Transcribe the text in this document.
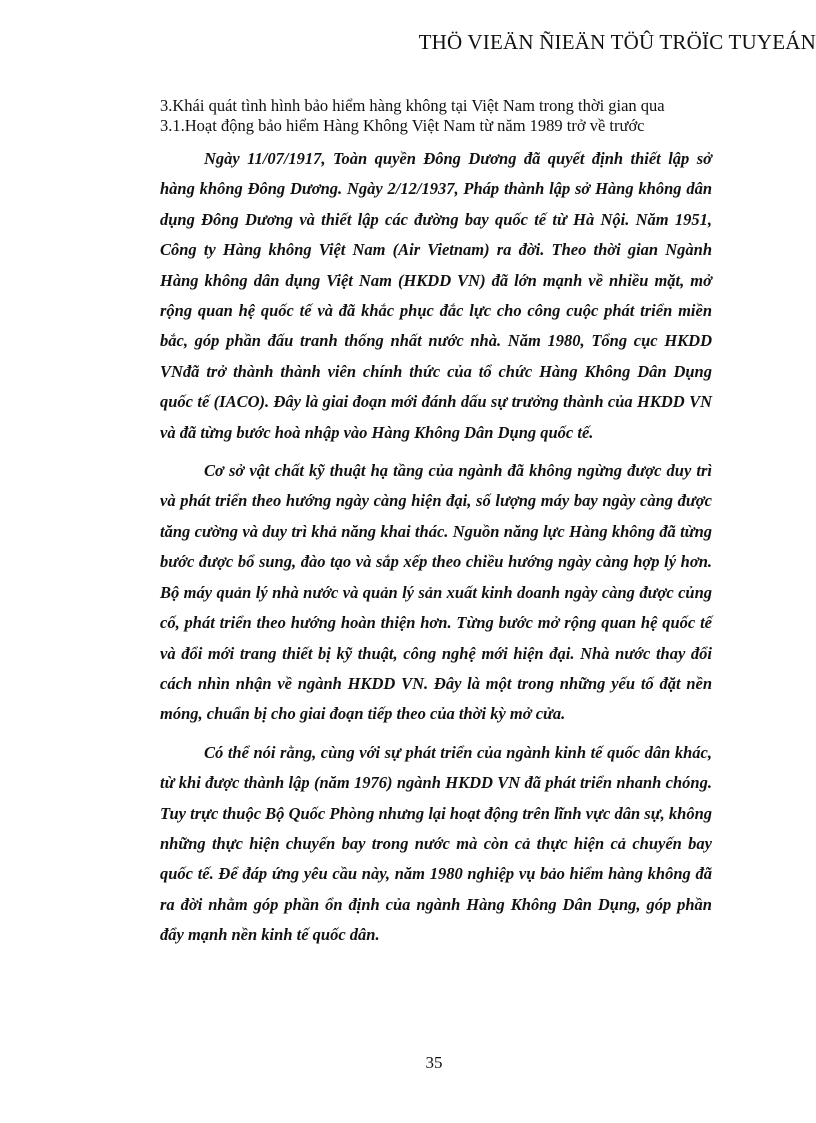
THÖ VIEÄN ÑIEÄN TÖÛ TRÖÏC TUYEÁN
3.Khái quát tình hình bảo hiểm hàng không tại Việt Nam trong thời gian qua
3.1.Hoạt động bảo hiểm Hàng Không Việt Nam từ năm 1989 trở về trước

Ngày 11/07/1917, Toàn quyền Đông Dương đã quyết định thiết lập sở hàng không Đông Dương. Ngày 2/12/1937, Pháp thành lập sở Hàng không dân dụng Đông Dương và thiết lập các đường bay quốc tế từ Hà Nội. Năm 1951, Công ty Hàng không Việt Nam (Air Vietnam) ra đời. Theo thời gian Ngành Hàng không dân dụng Việt Nam (HKDD VN) đã lớn mạnh về nhiều mặt, mở rộng quan hệ quốc tế và đã khắc phục đắc lực cho công cuộc phát triển miền bắc, góp phần đấu tranh thống nhất nước nhà. Năm 1980, Tổng cục HKDD VNđã trở thành thành viên chính thức của tổ chức Hàng Không Dân Dụng quốc tế (IACO). Đây là giai đoạn mới đánh dấu sự trưởng thành của HKDD VN và đã từng bước hoà nhập vào Hàng Không Dân Dụng quốc tế.

Cơ sở vật chất kỹ thuật hạ tầng của ngành đã không ngừng được duy trì và phát triển theo hướng ngày càng hiện đại, số lượng máy bay ngày càng được tăng cường và duy trì khả năng khai thác. Nguồn năng lực Hàng không đã từng bước được bổ sung, đào tạo và sắp xếp theo chiều hướng ngày càng hợp lý hơn. Bộ máy quản lý nhà nước và quản lý sản xuất kinh doanh ngày càng được củng cố, phát triển theo hướng hoàn thiện hơn. Từng bước mở rộng quan hệ quốc tế và đổi mới trang thiết bị kỹ thuật, công nghệ mới hiện đại. Nhà nước thay đổi cách nhìn nhận về ngành HKDD VN. Đây là một trong những yếu tố đặt nền móng, chuẩn bị cho giai đoạn tiếp theo của thời kỳ mở cửa.

Có thể nói rằng, cùng với sự phát triển của ngành kinh tế quốc dân khác, từ khi được thành lập (năm 1976) ngành HKDD VN đã phát triển nhanh chóng. Tuy trực thuộc Bộ Quốc Phòng nhưng lại hoạt động trên lĩnh vực dân sự, không những thực hiện chuyến bay trong nước mà còn cả thực hiện cả chuyến bay quốc tế. Để đáp ứng yêu cầu này, năm 1980 nghiệp vụ bảo hiểm hàng không đã ra đời nhằm góp phần ổn định của ngành Hàng Không Dân Dụng, góp phần đẩy mạnh nền kinh tế quốc dân.

35
